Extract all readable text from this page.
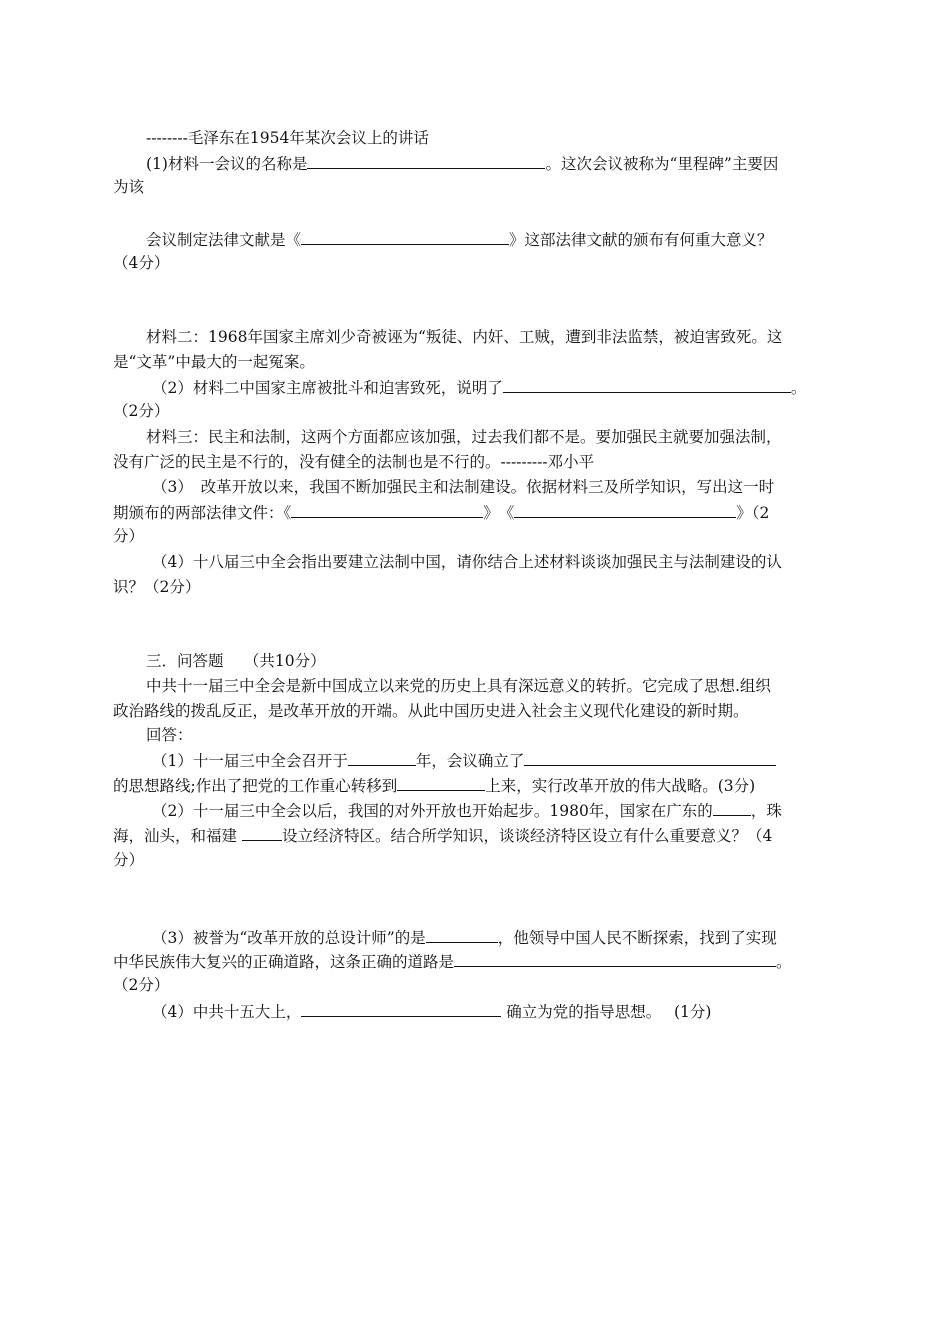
--------毛泽东在1954年某次会议上的讲话
(1)材料一会议的名称是	。这次会议被称为“里程碑”主要因
为该
会议制定法律文献是《	》这部法律文献的颁布有何重大意义？
（4分）
材料二：1968年国家主席刘少奇被诬为“叛徒、内奸、工贼，遭到非法监禁，被迫害致死。这
是“文革”中最大的一起冤案。
（2）材料二中国家主席被批斗和迫害致死，说明了	。
（2分）
材料三：民主和法制，这两个方面都应该加强，过去我们都不是。要加强民主就要加强法制，
没有广泛的民主是不行的，没有健全的法制也是不行的。---------邓小平
（3）　改革开放以来，我国不断加强民主和法制建设。依据材料三及所学知识，写出这一时
期颁布的两部法律文件：《	》　《	》（2
分）
（4）十八届三中全会指出要建立法制中国，请你结合上述材料谈谈加强民主与法制建设的认
识？（2分）
三．问答题　 （共10分）
中共十一届三中全会是新中国成立以来党的历史上具有深远意义的转折。它完成了思想.组织
政治路线的拨乱反正，是改革开放的开端。从此中国历史进入社会主义现代化建设的新时期。
回答：
（1）十一届三中全会召开于	年，会议确立了
的思想路线;作出了把党的工作重心转移到	上来，实行改革开放的伟大战略。(3分)
（2）十一届三中全会以后，我国的对外开放也开始起步。1980年，国家在广东的 ，珠
海，汕头，和福建	设立经济特区。结合所学知识，谈谈经济特区设立有什么重要意义？（4
分）
（3）被誉为“改革开放的总设计师”的是	，他领导中国人民不断探索，找到了实现
中华民族伟大复兴的正确道路，这条正确的道路是	。
（2分）
（4）中共十五大上，	确立为党的指导思想。　 (1分)
